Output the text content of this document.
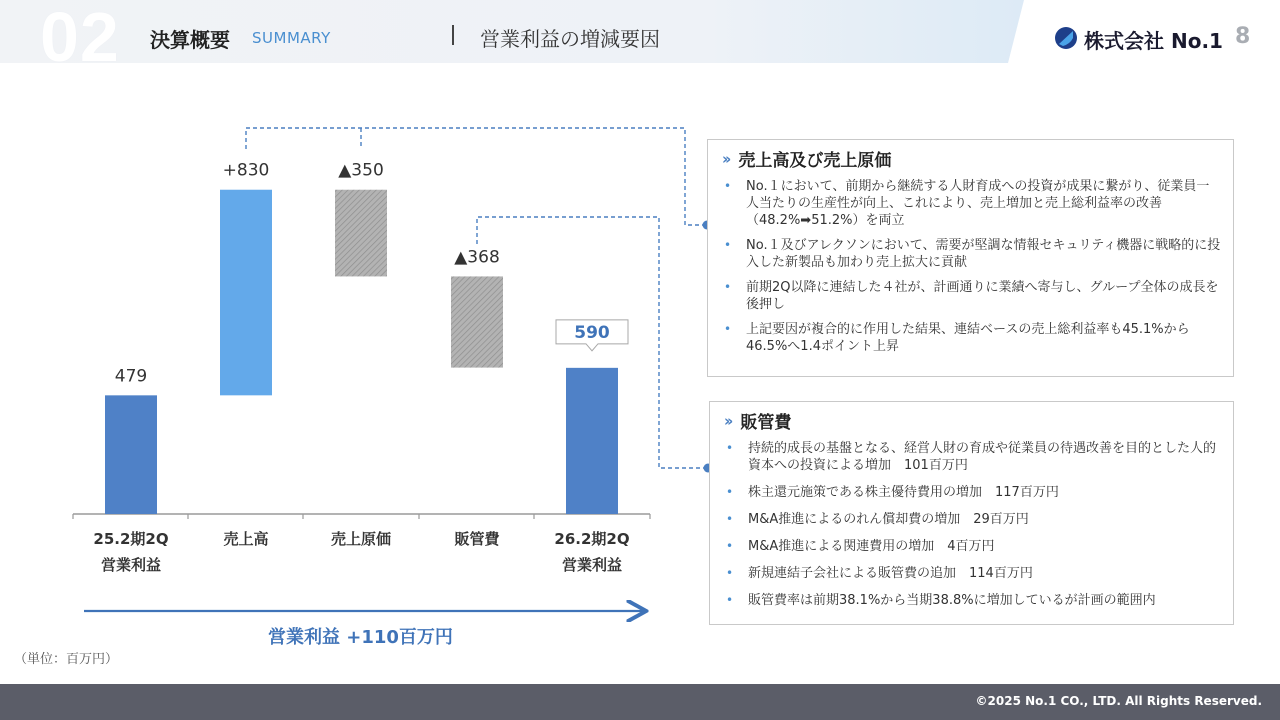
02 決算概要 SUMMARY	営業利益の増減要因	株式会社 No.1 8
479
+830	▲350
▲368
590
25.2期2Q
営業利益
売上高	売上原価	販管費	26.2期2Q
営業利益
（単位：百万円）
営業利益 +110百万円
›› 売上高及び売上原価
• No.１において、前期から継続する人財育成への投資が成果に繋がり、従業員一人当たりの生産性が向上、これにより、売上増加と売上総利益率の改善（48.2%➡51.2%）を両立
• No.１及びアレクソンにおいて、需要が堅調な情報セキュリティ機器に戦略的に投入した新製品も加わり売上拡大に貢献
• 前期2Q以降に連結した４社が、計画通りに業績へ寄与し、グループ全体の成長を後押し
• 上記要因が複合的に作用した結果、連結ベースの売上総利益率も45.1%から46.5%へ1.4ポイント上昇
›› 販管費
• 持続的成長の基盤となる、経営人財の育成や従業員の待遇改善を目的とした人的資本への投資による増加　101百万円
• 株主還元施策である株主優待費用の増加　117百万円
• M&A推進によるのれん償却費の増加　29百万円
• M&A推進による関連費用の増加　4百万円
• 新規連結子会社による販管費の追加　114百万円
• 販管費率は前期38.1%から当期38.8%に増加しているが計画の範囲内
©2025 No.1 CO., LTD. All Rights Reserved.
